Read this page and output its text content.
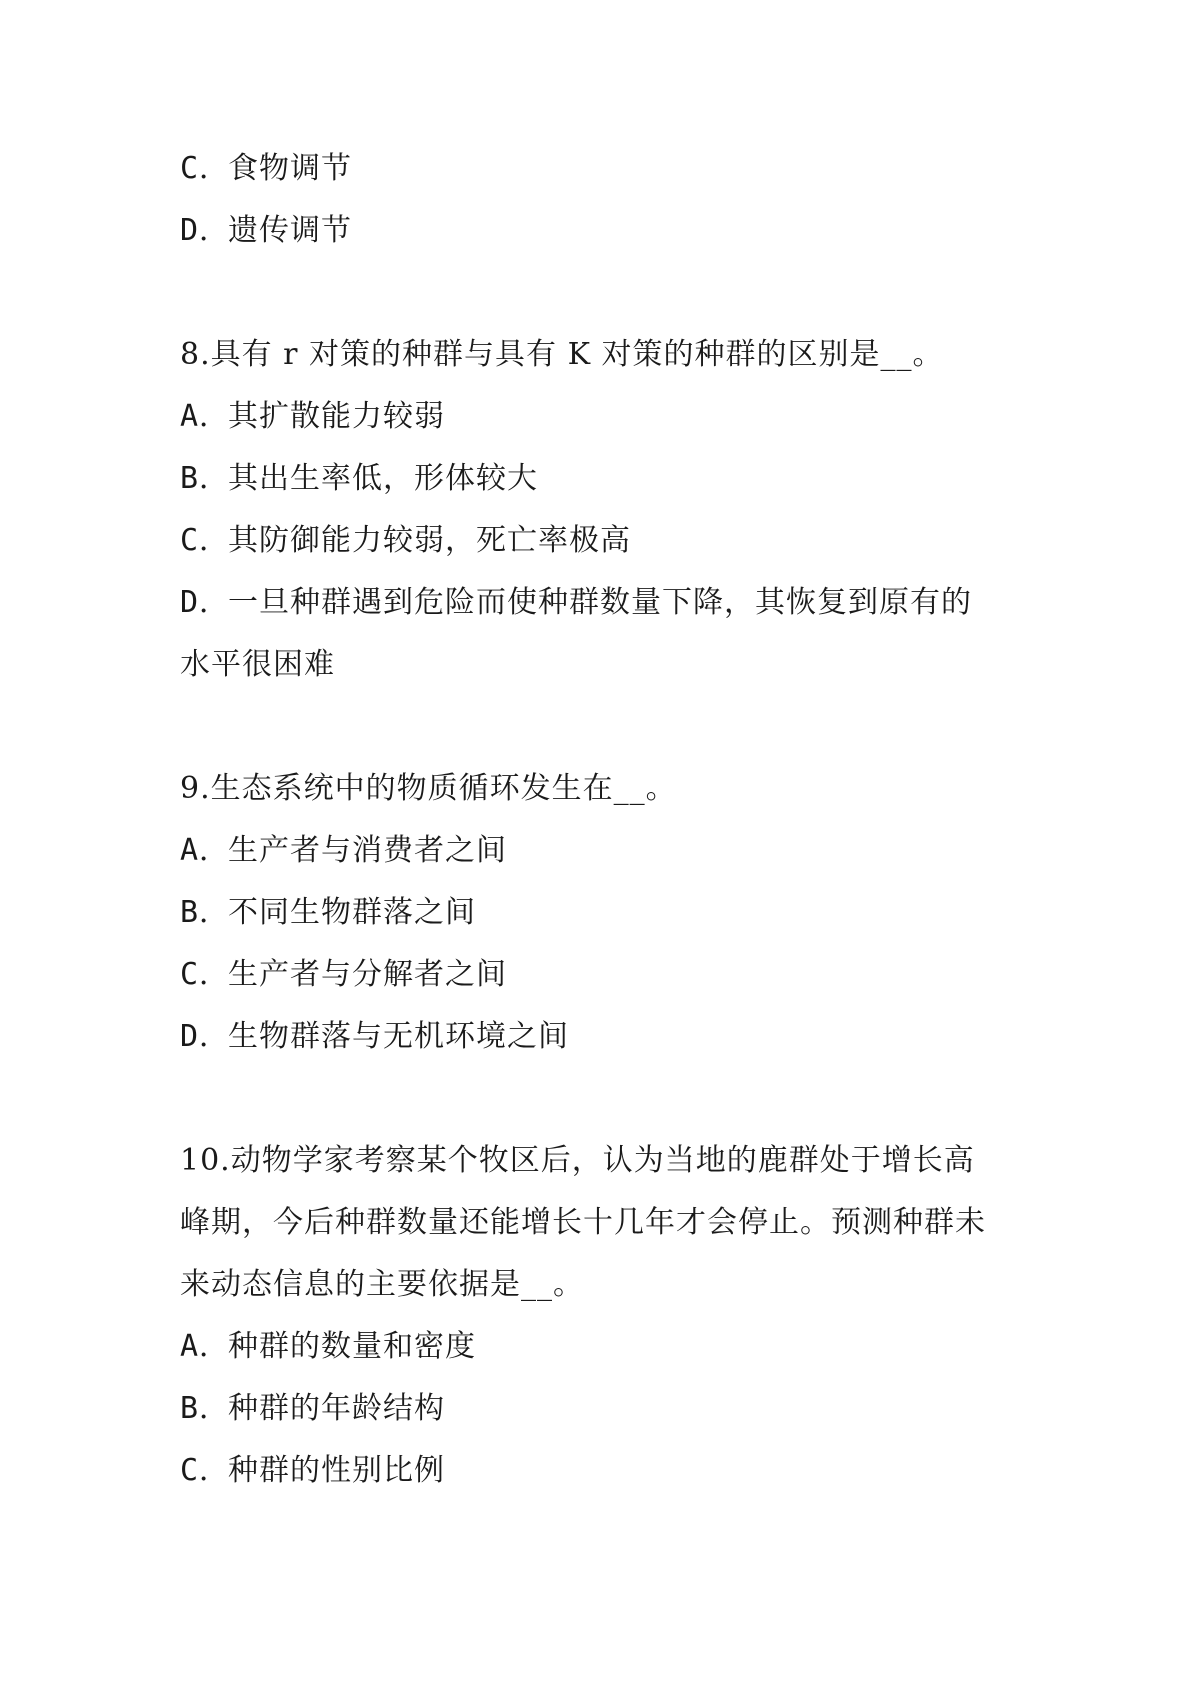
C．食物调节
D．遗传调节
8.具有 r 对策的种群与具有 K 对策的种群的区别是__。
A．其扩散能力较弱
B．其出生率低，形体较大
C．其防御能力较弱，死亡率极高
D．一旦种群遇到危险而使种群数量下降，其恢复到原有的
水平很困难
9.生态系统中的物质循环发生在__。
A．生产者与消费者之间
B．不同生物群落之间
C．生产者与分解者之间
D．生物群落与无机环境之间
10.动物学家考察某个牧区后，认为当地的鹿群处于增长高
峰期，今后种群数量还能增长十几年才会停止。预测种群未
来动态信息的主要依据是__。
A．种群的数量和密度
B．种群的年龄结构
C．种群的性别比例
